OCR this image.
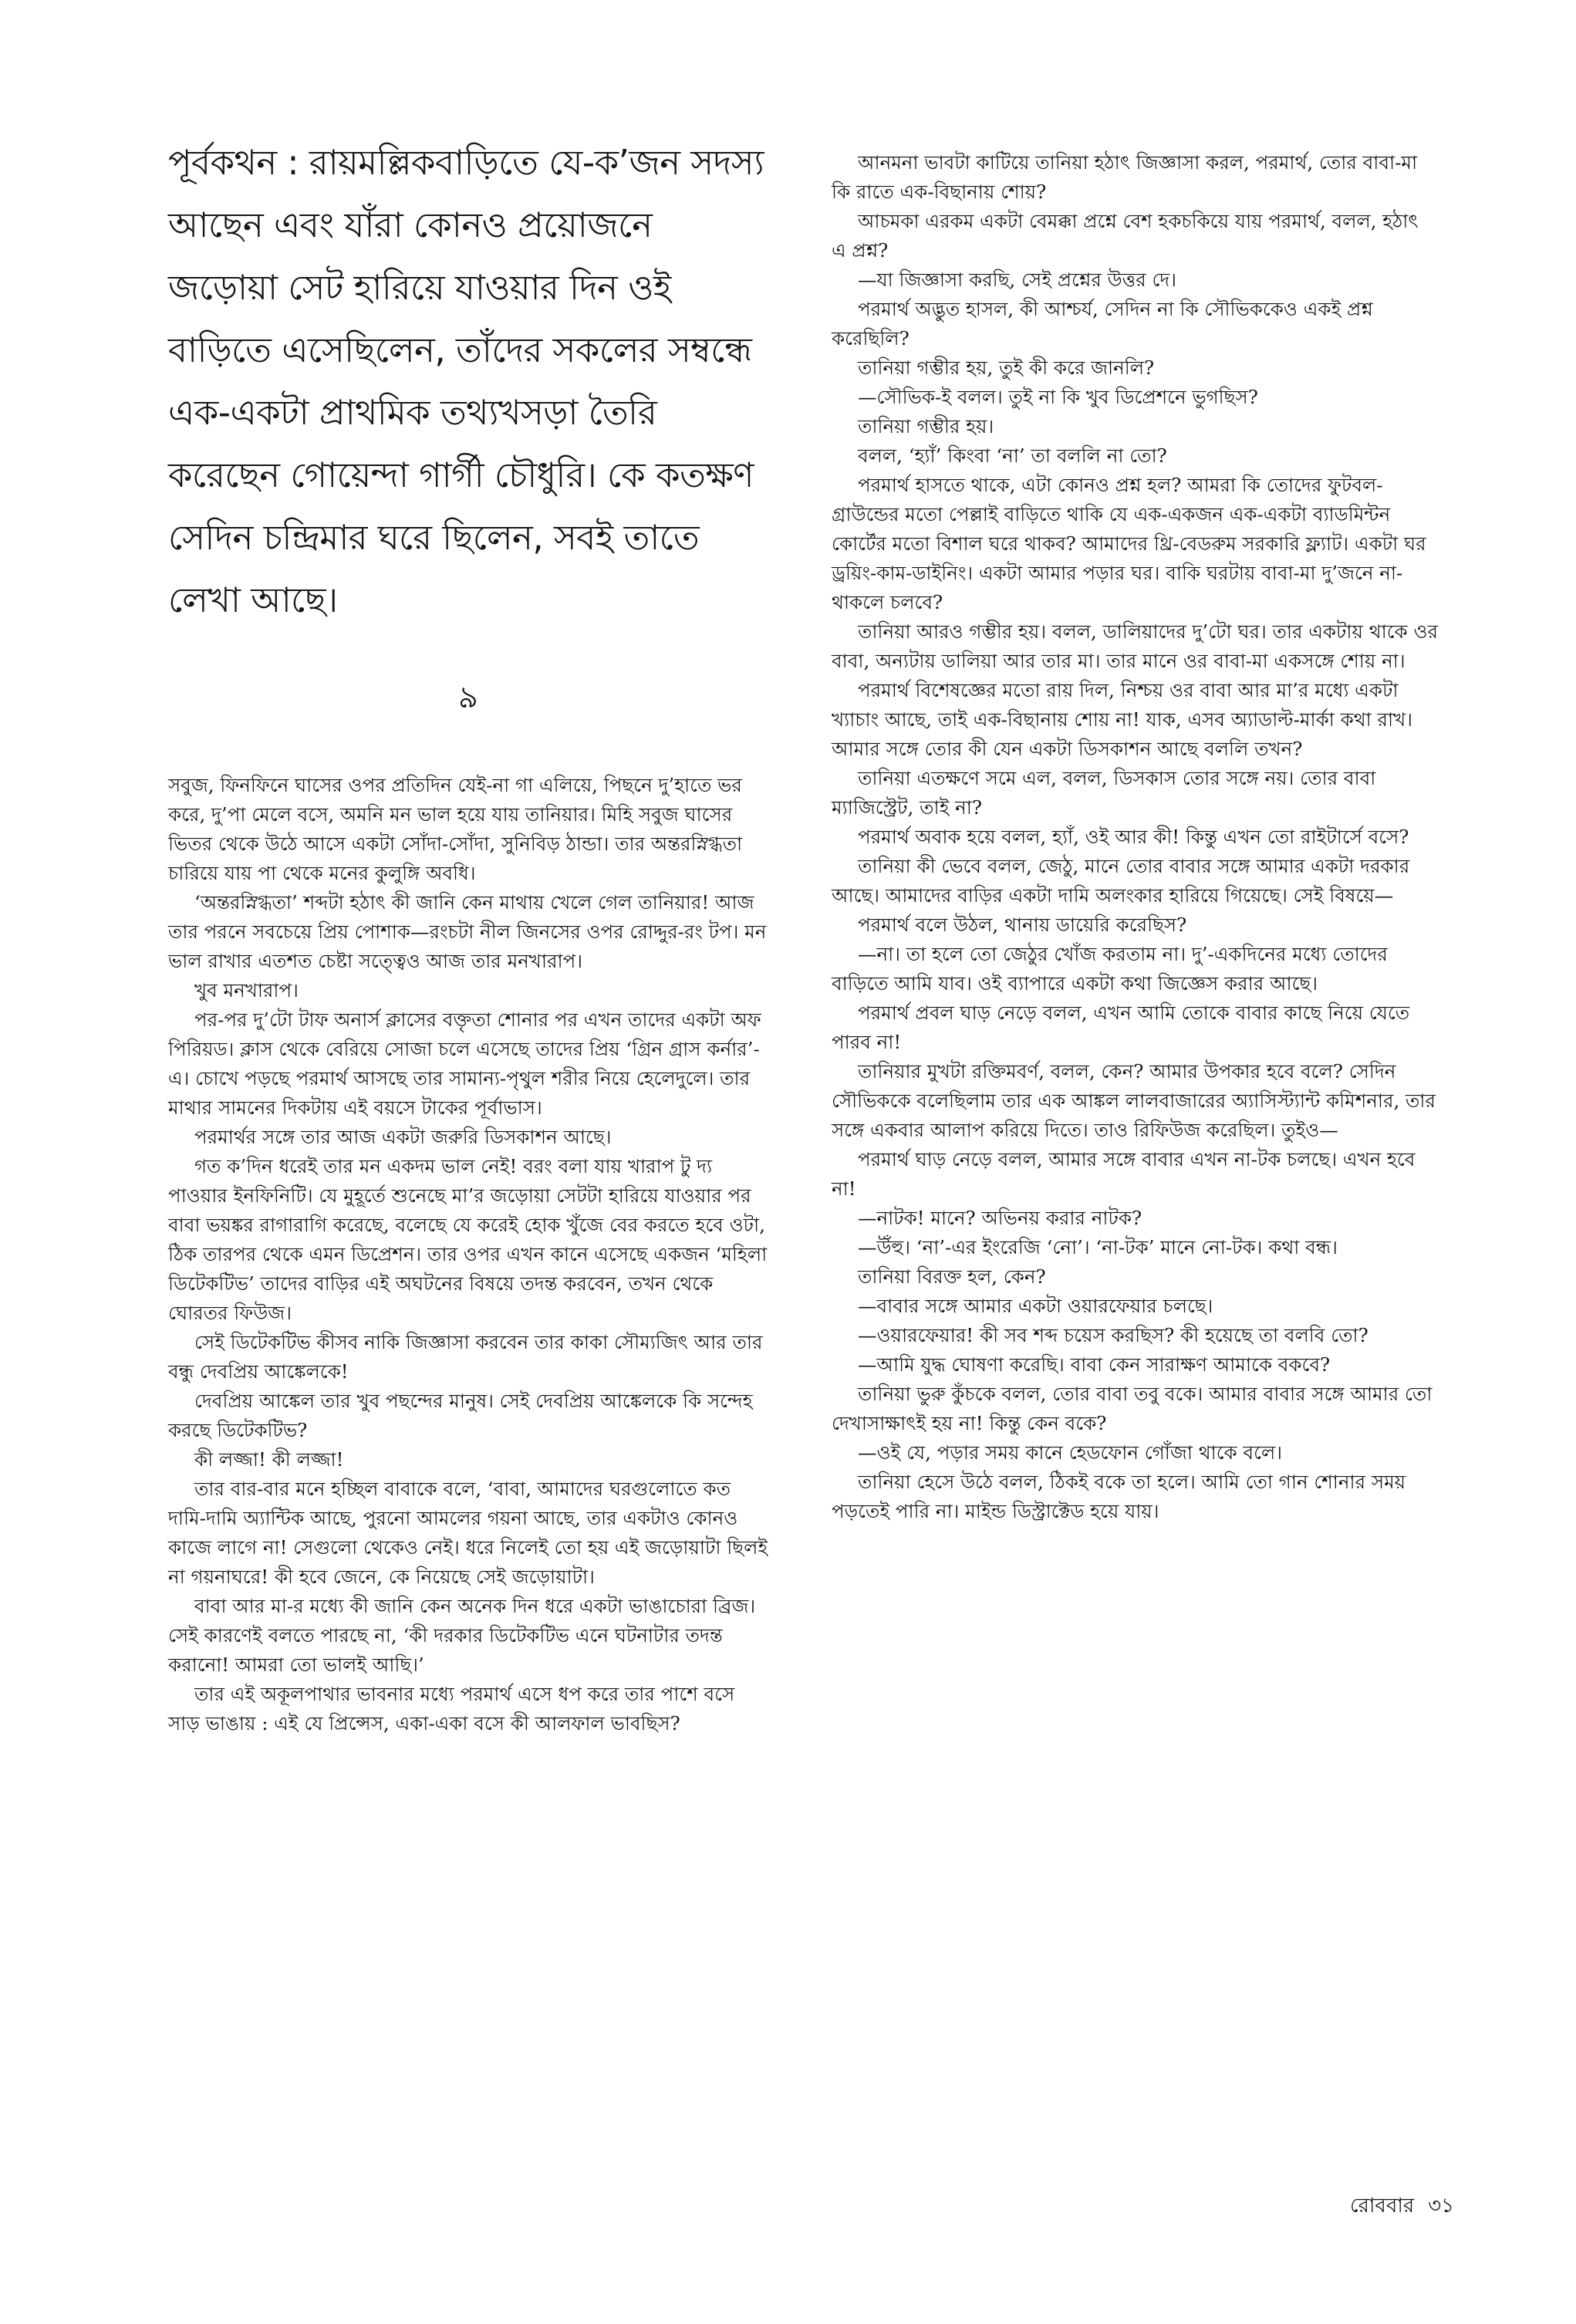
পূর্বকথন : রায়মল্লিকবাড়িতে যে-ক’জন সদস্য আছেন এবং যাঁরা কোনও প্রয়োজনে জড়োয়া সেট হারিয়ে যাওয়ার দিন ওই বাড়িতে এসেছিলেন, তাঁদের সকলের সম্বন্ধে এক-একটা প্রাথমিক তথ্যখসড়া তৈরি করেছেন গোয়েন্দা গার্গী চৌধুরি। কে কতক্ষণ সেদিন চন্দ্রিমার ঘরে ছিলেন, সবই তাতে লেখা আছে।

৯

সবুজ, ফিনফিনে ঘাসের ওপর প্রতিদিন যেই-না গা এলিয়ে, পিছনে দু’হাতে ভর করে, দু’পা মেলে বসে, অমনি মন ভাল হয়ে যায় তানিয়ার। মিহি সবুজ ঘাসের ভিতর থেকে উঠে আসে একটা সোঁদা-সোঁদা, সুনিবিড় ঠান্ডা। তার অন্তরস্নিগ্ধতা চারিয়ে যায় পা থেকে মনের কুলুঙ্গি অবধি।

‘অন্তরস্নিগ্ধতা’ শব্দটা হঠাৎ কী জানি কেন মাথায় খেলে গেল তানিয়ার! আজ তার পরনে সবচেয়ে প্রিয় পোশাক—রংচটা নীল জিনসের ওপর রোদ্দুর-রং টপ। মন ভাল রাখার এতশত চেষ্টা সত্ত্বেও আজ তার মনখারাপ।

খুব মনখারাপ।

পর-পর দু’টো টাফ অনার্স ক্লাসের বক্তৃতা শোনার পর এখন তাদের একটা অফ পিরিয়ড। ক্লাস থেকে বেরিয়ে সোজা চলে এসেছে তাদের প্রিয় ‘গ্রিন গ্রাস কর্নার’-এ। চোখে পড়ছে পরমার্থ আসছে তার সামান্য-পৃথুল শরীর নিয়ে হেলেদুলে। তার মাথার সামনের দিকটায় এই বয়সে টাকের পূর্বাভাস।

পরমার্থর সঙ্গে তার আজ একটা জরুরি ডিসকাশন আছে।

গত ক’দিন ধরেই তার মন একদম ভাল নেই! বরং বলা যায় খারাপ টু দ্য পাওয়ার ইনফিনিটি। যে মুহূর্তে শুনেছে মা’র জড়োয়া সেটটা হারিয়ে যাওয়ার পর বাবা ভয়ঙ্কর রাগারাগি করেছে, বলেছে যে করেই হোক খুঁজে বের করতে হবে ওটা, ঠিক তারপর থেকে এমন ডিপ্রেশন। তার ওপর এখন কানে এসেছে একজন ‘মহিলা ডিটেকটিভ’ তাদের বাড়ির এই অঘটনের বিষয়ে তদন্ত করবেন, তখন থেকে ঘোরতর ফিউজ।

সেই ডিটেকটিভ কীসব নাকি জিজ্ঞাসা করবেন তার কাকা সৌম্যজিৎ আর তার বন্ধু দেবপ্রিয় আঙ্কেলকে!

দেবপ্রিয় আঙ্কেল তার খুব পছন্দের মানুষ। সেই দেবপ্রিয় আঙ্কেলকে কি সন্দেহ করছে ডিটেকটিভ?

কী লজ্জা! কী লজ্জা!

তার বার-বার মনে হচ্ছিল বাবাকে বলে, ‘বাবা, আমাদের ঘরগুলোতে কত দামি-দামি অ্যান্টিক আছে, পুরনো আমলের গয়না আছে, তার একটাও কোনও কাজে লাগে না! সেগুলো থেকেও নেই। ধরে নিলেই তো হয় এই জড়োয়াটা ছিলই না গয়নাঘরে! কী হবে জেনে, কে নিয়েছে সেই জড়োয়াটা।

বাবা আর মা-র মধ্যে কী জানি কেন অনেক দিন ধরে একটা ভাঙাচোরা ব্রিজ। সেই কারণেই বলতে পারছে না, ‘কী দরকার ডিটেকটিভ এনে ঘটনাটার তদন্ত করানো! আমরা তো ভালই আছি।’

তার এই অকূলপাথার ভাবনার মধ্যে পরমার্থ এসে ধপ করে তার পাশে বসে সাড় ভাঙায় : এই যে প্রিন্সেস, একা-একা বসে কী আলফাল ভাবছিস?

আনমনা ভাবটা কাটিয়ে তানিয়া হঠাৎ জিজ্ঞাসা করল, পরমার্থ, তোর বাবা-মা কি রাতে এক-বিছানায় শোয়?

আচমকা এরকম একটা বেমক্কা প্রশ্নে বেশ হকচকিয়ে যায় পরমার্থ, বলল, হঠাৎ এ প্রশ্ন?

—যা জিজ্ঞাসা করছি, সেই প্রশ্নের উত্তর দে।

পরমার্থ অদ্ভুত হাসল, কী আশ্চর্য, সেদিন না কি সৌভিককেও একই প্রশ্ন করেছিলি?

তানিয়া গম্ভীর হয়, তুই কী করে জানলি?

—সৌভিক-ই বলল। তুই না কি খুব ডিপ্রেশনে ভুগছিস?

তানিয়া গম্ভীর হয়।

বলল, ‘হ্যাঁ’ কিংবা ‘না’ তা বললি না তো?

পরমার্থ হাসতে থাকে, এটা কোনও প্রশ্ন হল? আমরা কি তোদের ফুটবল-গ্রাউন্ডের মতো পেল্লাই বাড়িতে থাকি যে এক-একজন এক-একটা ব্যাডমিন্টন কোর্টের মতো বিশাল ঘরে থাকব? আমাদের থ্রি-বেডরুম সরকারি ফ্ল্যাট। একটা ঘর ড্রয়িং-কাম-ডাইনিং। একটা আমার পড়ার ঘর। বাকি ঘরটায় বাবা-মা দু’জনে না-থাকলে চলবে?

তানিয়া আরও গম্ভীর হয়। বলল, ডালিয়াদের দু’টো ঘর। তার একটায় থাকে ওর বাবা, অন্যটায় ডালিয়া আর তার মা। তার মানে ওর বাবা-মা একসঙ্গে শোয় না।

পরমার্থ বিশেষজ্ঞের মতো রায় দিল, নিশ্চয় ওর বাবা আর মা’র মধ্যে একটা খ্যাচাং আছে, তাই এক-বিছানায় শোয় না! যাক, এসব অ্যাডাল্ট-মার্কা কথা রাখ। আমার সঙ্গে তোর কী যেন একটা ডিসকাশন আছে বললি তখন?

তানিয়া এতক্ষণে সমে এল, বলল, ডিসকাস তোর সঙ্গে নয়। তোর বাবা ম্যাজিস্ট্রেট, তাই না?

পরমার্থ অবাক হয়ে বলল, হ্যাঁ, ওই আর কী! কিন্তু এখন তো রাইটার্সে বসে?

তানিয়া কী ভেবে বলল, জেঠু, মানে তোর বাবার সঙ্গে আমার একটা দরকার আছে। আমাদের বাড়ির একটা দামি অলংকার হারিয়ে গিয়েছে। সেই বিষয়ে—

পরমার্থ বলে উঠল, থানায় ডায়েরি করেছিস?

—না। তা হলে তো জেঠুর খোঁজ করতাম না। দু’-একদিনের মধ্যে তোদের বাড়িতে আমি যাব। ওই ব্যাপারে একটা কথা জিজ্ঞেস করার আছে।

পরমার্থ প্রবল ঘাড় নেড়ে বলল, এখন আমি তোকে বাবার কাছে নিয়ে যেতে পারব না!

তানিয়ার মুখটা রক্তিমবর্ণ, বলল, কেন? আমার উপকার হবে বলে? সেদিন সৌভিককে বলেছিলাম তার এক আঙ্কল লালবাজারের অ্যাসিস্ট্যান্ট কমিশনার, তার সঙ্গে একবার আলাপ করিয়ে দিতে। তাও রিফিউজ করেছিল। তুইও—

পরমার্থ ঘাড় নেড়ে বলল, আমার সঙ্গে বাবার এখন না-টক চলছে। এখন হবে না!

—নাটক! মানে? অভিনয় করার নাটক?

—উঁহু। ‘না’-এর ইংরেজি ‘নো’। ‘না-টক’ মানে নো-টক। কথা বন্ধ।

তানিয়া বিরক্ত হল, কেন?

—বাবার সঙ্গে আমার একটা ওয়ারফেয়ার চলছে।

—ওয়ারফেয়ার! কী সব শব্দ চয়েস করছিস? কী হয়েছে তা বলবি তো?

—আমি যুদ্ধ ঘোষণা করেছি। বাবা কেন সারাক্ষণ আমাকে বকবে?

তানিয়া ভুরু কুঁচকে বলল, তোর বাবা তবু বকে। আমার বাবার সঙ্গে আমার তো দেখাসাক্ষাৎই হয় না! কিন্তু কেন বকে?

—ওই যে, পড়ার সময় কানে হেডফোন গোঁজা থাকে বলে।

তানিয়া হেসে উঠে বলল, ঠিকই বকে তা হলে। আমি তো গান শোনার সময় পড়তেই পারি না। মাইন্ড ডিস্ট্রাক্টেড হয়ে যায়।

রোববার ৩১
